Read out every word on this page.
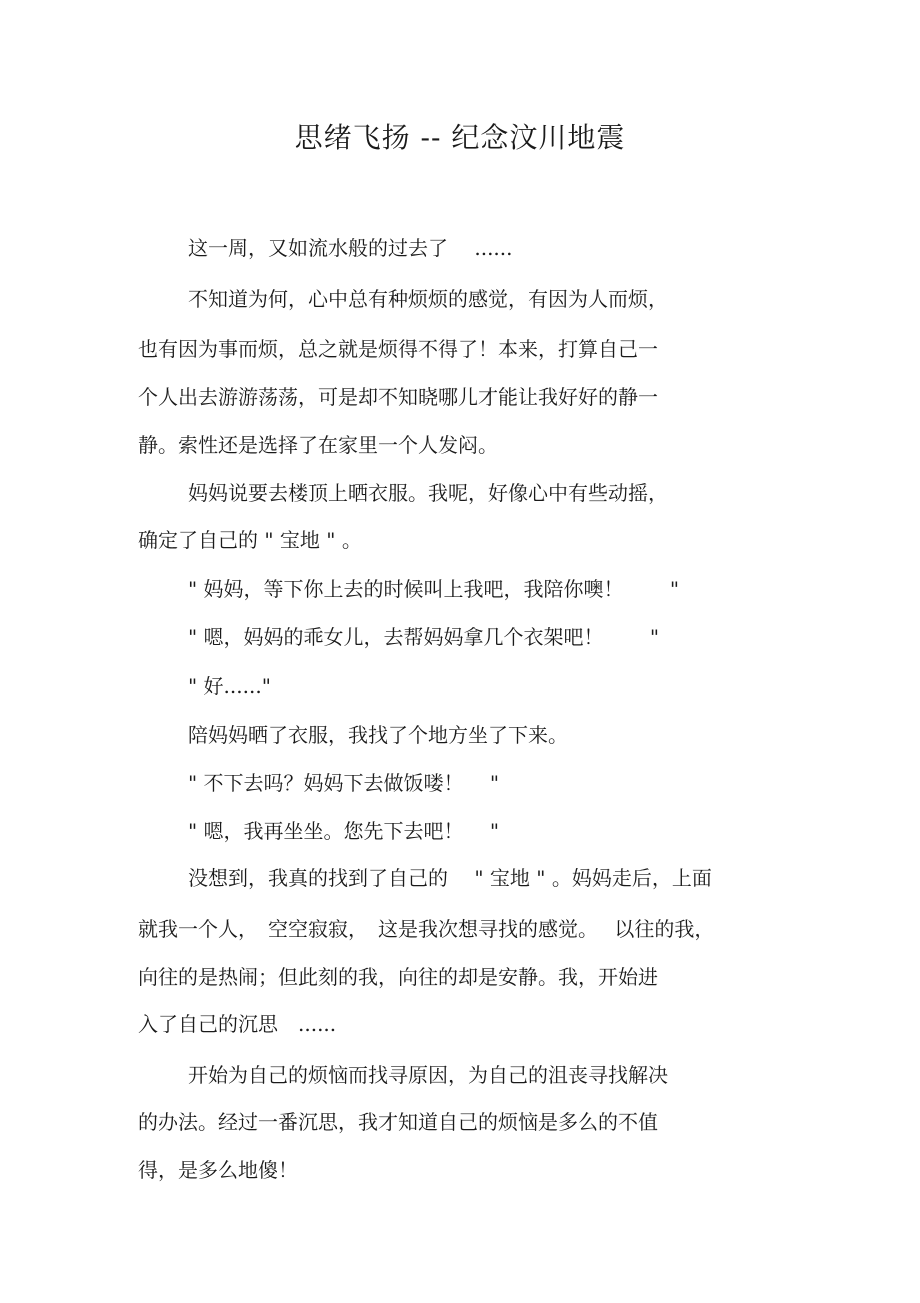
思绪飞扬 -- 纪念汶川地震
这一周，又如流水般的过去了　 ......
不知道为何，心中总有种烦烦的感觉，有因为人而烦，
也有因为事而烦，总之就是烦得不得了！本来，打算自己一
个人出去游游荡荡，可是却不知晓哪儿才能让我好好的静一
静。索性还是选择了在家里一个人发闷。
妈妈说要去楼顶上晒衣服。我呢，好像心中有些动摇，
确定了自己的 " 宝地 " 。
" 妈妈，等下你上去的时候叫上我吧，我陪你噢！　　 "
" 嗯，妈妈的乖女儿，去帮妈妈拿几个衣架吧！　　 "
" 好......"
陪妈妈晒了衣服，我找了个地方坐了下来。
" 不下去吗？妈妈下去做饭喽！　 "
" 嗯，我再坐坐。您先下去吧！　 "
没想到，我真的找到了自己的　 " 宝地 " 。妈妈走后，上面
就我一个人，　空空寂寂，　这是我次想寻找的感觉。　 以往的我，
向往的是热闹；但此刻的我，向往的却是安静。我，开始进
入了自己的沉思　......
开始为自己的烦恼而找寻原因，为自己的沮丧寻找解决
的办法。经过一番沉思，我才知道自己的烦恼是多么的不值
得，是多么地傻！
